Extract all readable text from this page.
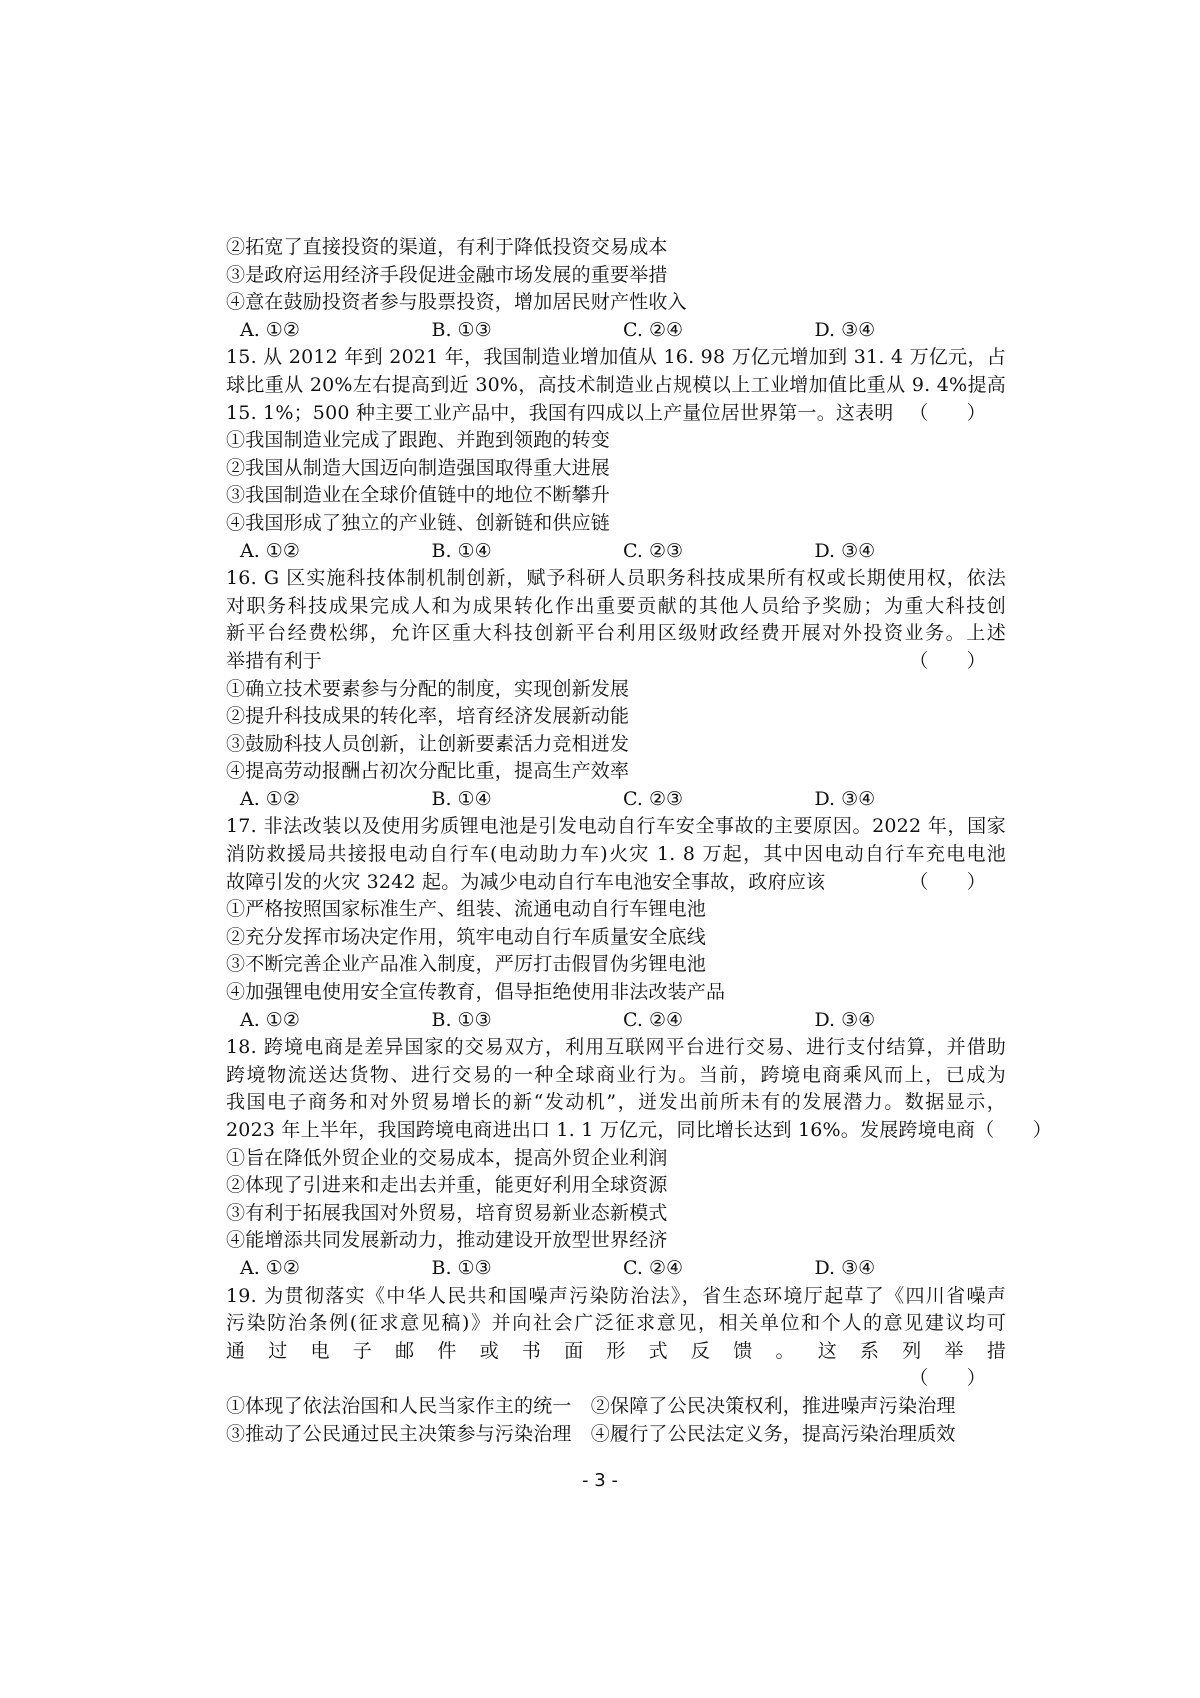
②拓宽了直接投资的渠道，有利于降低投资交易成本
③是政府运用经济手段促进金融市场发展的重要举措
④意在鼓励投资者参与股票投资，增加居民财产性收入
A. ①②	B. ①③	C. ②④	D. ③④
15. 从 2012 年到 2021 年，我国制造业增加值从 16. 98 万亿元增加到 31. 4 万亿元，占
球比重从 20%左右提高到近 30%，高技术制造业占规模以上工业增加值比重从 9. 4%提高
15. 1%；500 种主要工业产品中，我国有四成以上产量位居世界第一。这表明 （　　）
①我国制造业完成了跟跑、并跑到领跑的转变
②我国从制造大国迈向制造强国取得重大进展
③我国制造业在全球价值链中的地位不断攀升
④我国形成了独立的产业链、创新链和供应链
A. ①②	B. ①④	C. ②③	D. ③④
16. G 区实施科技体制机制创新，赋予科研人员职务科技成果所有权或长期使用权，依法
对职务科技成果完成人和为成果转化作出重要贡献的其他人员给予奖励；为重大科技创
新平台经费松绑，允许区重大科技创新平台利用区级财政经费开展对外投资业务。上述
举措有利于	（　　）
①确立技术要素参与分配的制度，实现创新发展
②提升科技成果的转化率，培育经济发展新动能
③鼓励科技人员创新，让创新要素活力竞相迸发
④提高劳动报酬占初次分配比重，提高生产效率
A. ①②	B. ①④	C. ②③	D. ③④
17. 非法改装以及使用劣质锂电池是引发电动自行车安全事故的主要原因。2022 年，国家
消防救援局共接报电动自行车(电动助力车)火灾 1. 8 万起，其中因电动自行车充电电池
故障引发的火灾 3242 起。为减少电动自行车电池安全事故，政府应该	（　　）
①严格按照国家标准生产、组装、流通电动自行车锂电池
②充分发挥市场决定作用，筑牢电动自行车质量安全底线
③不断完善企业产品准入制度，严厉打击假冒伪劣锂电池
④加强锂电使用安全宣传教育，倡导拒绝使用非法改装产品
A. ①②	B. ①③	C. ②④	D. ③④
18. 跨境电商是差异国家的交易双方，利用互联网平台进行交易、进行支付结算，并借助
跨境物流送达货物、进行交易的一种全球商业行为。当前，跨境电商乘风而上，已成为
我国电子商务和对外贸易增长的新“发动机”，迸发出前所未有的发展潜力。数据显示，
2023 年上半年，我国跨境电商进出口 1. 1 万亿元，同比增长达到 16%。发展跨境电商 （　　）
①旨在降低外贸企业的交易成本，提高外贸企业利润
②体现了引进来和走出去并重，能更好利用全球资源
③有利于拓展我国对外贸易，培育贸易新业态新模式
④能增添共同发展新动力，推动建设开放型世界经济
A. ①②	B. ①③	C. ②④	D. ③④
19. 为贯彻落实《中华人民共和国噪声污染防治法》，省生态环境厅起草了《四川省噪声
污染防治条例(征求意见稿)》并向社会广泛征求意见，相关单位和个人的意见建议均可
通过电子邮件或书面形式反馈。这系列举措
（　　）
①体现了依法治国和人民当家作主的统一　②保障了公民决策权利，推进噪声污染治理
③推动了公民通过民主决策参与污染治理　④履行了公民法定义务，提高污染治理质效
- 3 -
